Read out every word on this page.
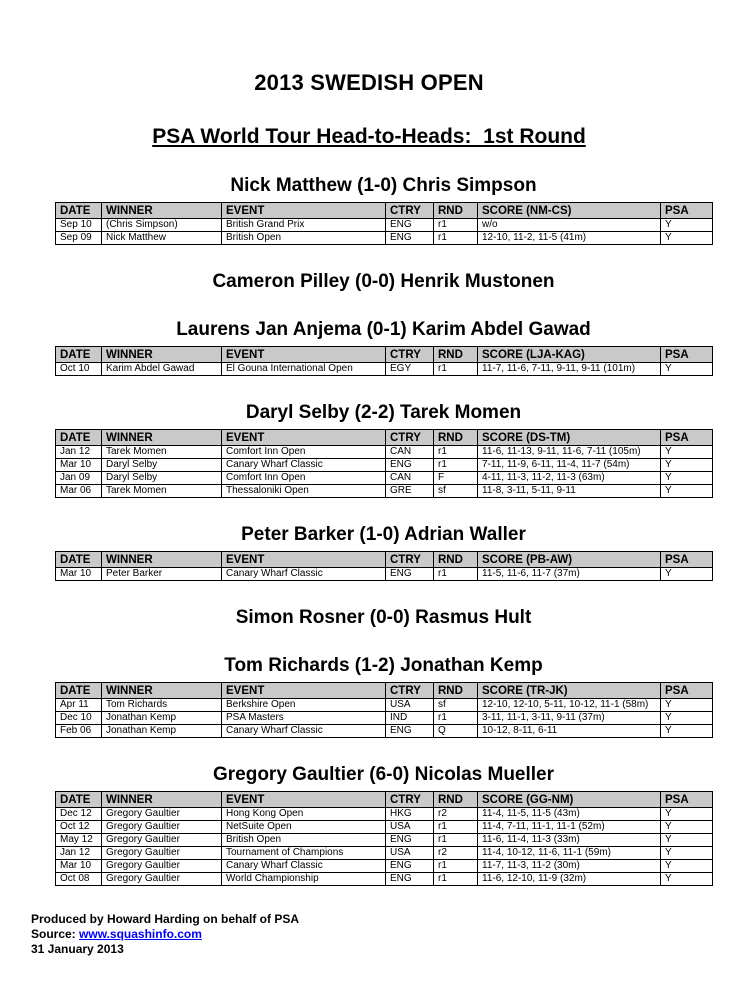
2013 SWEDISH OPEN
PSA World Tour Head-to-Heads:  1st Round
Nick Matthew (1-0) Chris Simpson
DATE	WINNER	EVENT	CTRY	RND	SCORE (NM-CS)	PSA
Sep 10	(Chris Simpson)	British Grand Prix	ENG	r1	w/o	Y
Sep 09	Nick Matthew	British Open	ENG	r1	12-10, 11-2, 11-5 (41m)	Y
Cameron Pilley (0-0) Henrik Mustonen
Laurens Jan Anjema (0-1) Karim Abdel Gawad
DATE	WINNER	EVENT	CTRY	RND	SCORE (LJA-KAG)	PSA
Oct 10	Karim Abdel Gawad	El Gouna International Open	EGY	r1	11-7, 11-6, 7-11, 9-11, 9-11 (101m)	Y
Daryl Selby (2-2) Tarek Momen
DATE	WINNER	EVENT	CTRY	RND	SCORE (DS-TM)	PSA
Jan 12	Tarek Momen	Comfort Inn Open	CAN	r1	11-6, 11-13, 9-11, 11-6, 7-11 (105m)	Y
Mar 10	Daryl Selby	Canary Wharf Classic	ENG	r1	7-11, 11-9, 6-11, 11-4, 11-7 (54m)	Y
Jan 09	Daryl Selby	Comfort Inn Open	CAN	F	4-11, 11-3, 11-2, 11-3 (63m)	Y
Mar 06	Tarek Momen	Thessaloniki Open	GRE	sf	11-8, 3-11, 5-11, 9-11	Y
Peter Barker (1-0) Adrian Waller
DATE	WINNER	EVENT	CTRY	RND	SCORE (PB-AW)	PSA
Mar 10	Peter Barker	Canary Wharf Classic	ENG	r1	11-5, 11-6, 11-7 (37m)	Y
Simon Rosner (0-0) Rasmus Hult
Tom Richards (1-2) Jonathan Kemp
DATE	WINNER	EVENT	CTRY	RND	SCORE (TR-JK)	PSA
Apr 11	Tom Richards	Berkshire Open	USA	sf	12-10, 12-10, 5-11, 10-12, 11-1 (58m)	Y
Dec 10	Jonathan Kemp	PSA Masters	IND	r1	3-11, 11-1, 3-11, 9-11 (37m)	Y
Feb 06	Jonathan Kemp	Canary Wharf Classic	ENG	Q	10-12, 8-11, 6-11	Y
Gregory Gaultier (6-0) Nicolas Mueller
DATE	WINNER	EVENT	CTRY	RND	SCORE (GG-NM)	PSA
Dec 12	Gregory Gaultier	Hong Kong Open	HKG	r2	11-4, 11-5, 11-5 (43m)	Y
Oct 12	Gregory Gaultier	NetSuite Open	USA	r1	11-4, 7-11, 11-1, 11-1 (52m)	Y
May 12	Gregory Gaultier	British Open	ENG	r1	11-6, 11-4, 11-3 (33m)	Y
Jan 12	Gregory Gaultier	Tournament of Champions	USA	r2	11-4, 10-12, 11-6, 11-1 (59m)	Y
Mar 10	Gregory Gaultier	Canary Wharf Classic	ENG	r1	11-7, 11-3, 11-2 (30m)	Y
Oct 08	Gregory Gaultier	World Championship	ENG	r1	11-6, 12-10, 11-9 (32m)	Y
Produced by Howard Harding on behalf of PSA
Source: www.squashinfo.com
31 January 2013
